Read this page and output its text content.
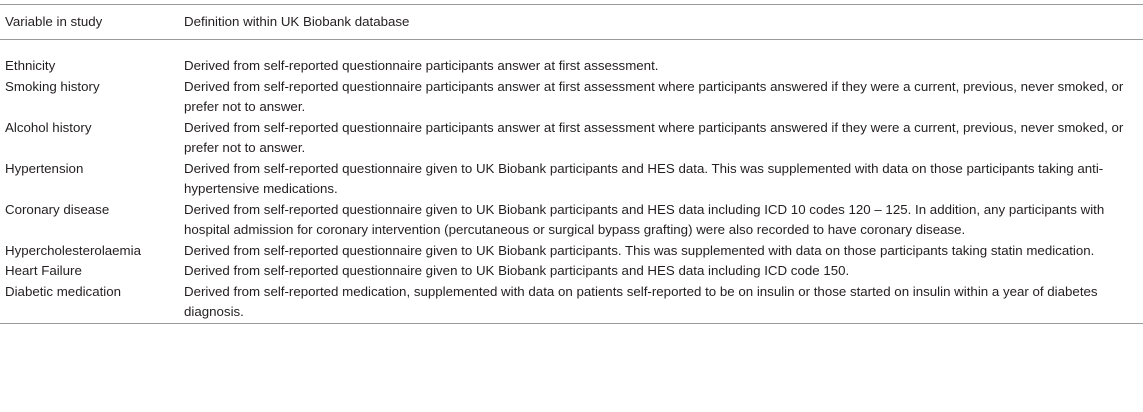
Variable in study	Definition within UK Biobank database
Ethnicity	Derived from self-reported questionnaire participants answer at first assessment.
Smoking history	Derived from self-reported questionnaire participants answer at first assessment where participants answered if they were a current, previous, never smoked, or prefer not to answer.
Alcohol history	Derived from self-reported questionnaire participants answer at first assessment where participants answered if they were a current, previous, never smoked, or prefer not to answer.
Hypertension	Derived from self-reported questionnaire given to UK Biobank participants and HES data. This was supplemented with data on those participants taking anti-hypertensive medications.
Coronary disease	Derived from self-reported questionnaire given to UK Biobank participants and HES data including ICD 10 codes 120 – 125. In addition, any participants with hospital admission for coronary intervention (percutaneous or surgical bypass grafting) were also recorded to have coronary disease.
Hypercholesterolaemia	Derived from self-reported questionnaire given to UK Biobank participants. This was supplemented with data on those participants taking statin medication.
Heart Failure	Derived from self-reported questionnaire given to UK Biobank participants and HES data including ICD code 150.
Diabetic medication	Derived from self-reported medication, supplemented with data on patients self-reported to be on insulin or those started on insulin within a year of diabetes diagnosis.
